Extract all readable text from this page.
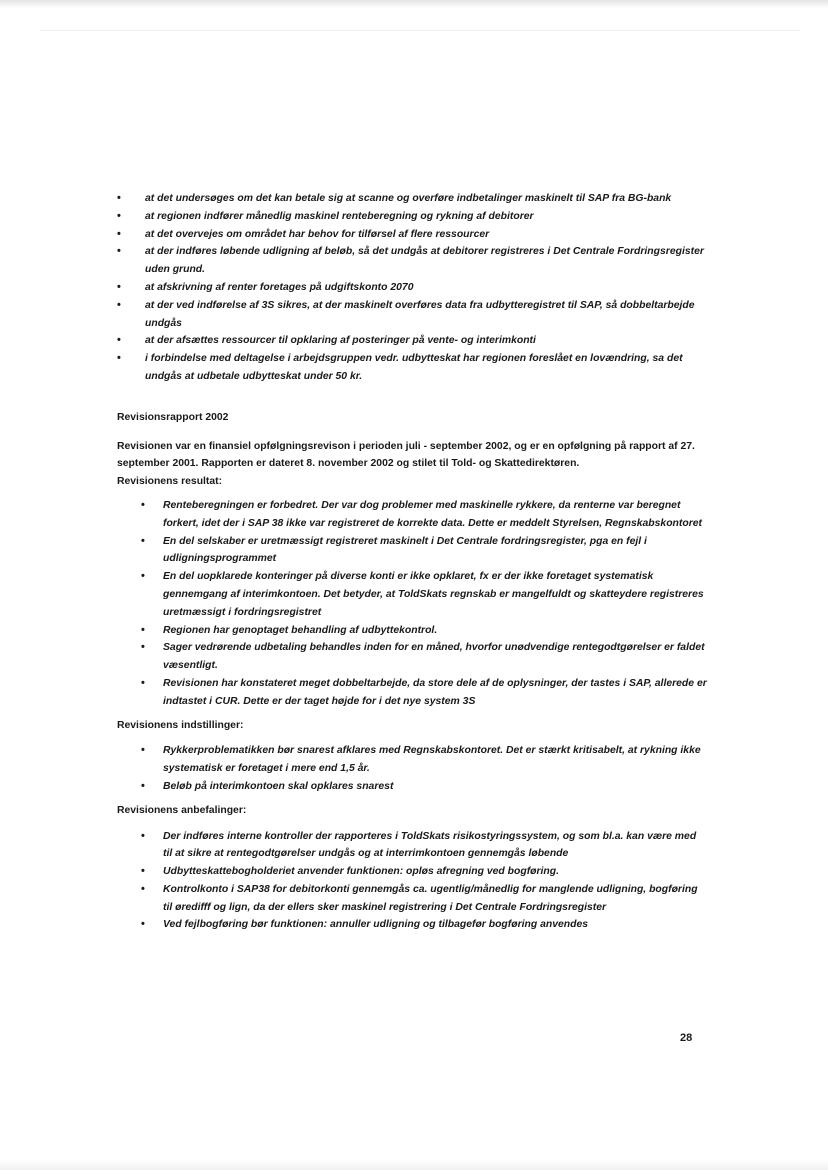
• at det undersøges om det kan betale sig at scanne og overføre indbetalinger maskinelt til SAP fra BG-bank
• at regionen indfører månedlig maskinel renteberegning og rykning af debitorer
• at det overvejes om området har behov for tilførsel af flere ressourcer
• at der indføres løbende udligning af beløb, så det undgås at debitorer registreres i Det Centrale Fordringsregister uden grund.
• at afskrivning af renter foretages på udgiftskonto 2070
• at der ved indførelse af 3S sikres, at der maskinelt overføres data fra udbytteregistret til SAP, så dobbeltarbejde undgås
• at der afsættes ressourcer til opklaring af posteringer på vente- og interimkonti
• i forbindelse med deltagelse i arbejdsgruppen vedr. udbytteskat har regionen foreslået en lovændring, sa det undgås at udbetale udbytteskat under 50 kr.

Revisionsrapport 2002

Revisionen var en finansiel opfølgningsrevison i perioden juli - september 2002, og er en opfølgning på rapport af 27. september 2001. Rapporten er dateret 8. november 2002 og stilet til Told- og Skattedirektøren.
Revisionens resultat:

• Renteberegningen er forbedret. Der var dog problemer med maskinelle rykkere, da renterne var beregnet forkert, idet der i SAP 38 ikke var registreret de korrekte data. Dette er meddelt Styrelsen, Regnskabskontoret
• En del selskaber er uretmæssigt registreret maskinelt i Det Centrale fordringsregister, pga en fejl i udligningsprogrammet
• En del uopklarede konteringer på diverse konti er ikke opklaret, fx er der ikke foretaget systematisk gennemgang af interimkontoen. Det betyder, at ToldSkats regnskab er mangelfuldt og skatteydere registreres uretmæssigt i fordringsregistret
• Regionen har genoptaget behandling af udbyttekontrol.
• Sager vedrørende udbetaling behandles inden for en måned, hvorfor unødvendige rentegodtgørelser er faldet væsentligt.
• Revisionen har konstateret meget dobbeltarbejde, da store dele af de oplysninger, der tastes i SAP, allerede er indtastet i CUR. Dette er der taget højde for i det nye system 3S

Revisionens indstillinger:

• Rykkerproblematikken bør snarest afklares med Regnskabskontoret. Det er stærkt kritisabelt, at rykning ikke systematisk er foretaget i mere end 1,5 år.
• Beløb på interimkontoen skal opklares snarest

Revisionens anbefalinger:

• Der indføres interne kontroller der rapporteres i ToldSkats risikostyringssystem, og som bl.a. kan være med til at sikre at rentegodtgørelser undgås og at interrimkontoen gennemgås løbende
• Udbytteskattebogholderiet anvender funktionen: opløs afregning ved bogføring.
• Kontrolkonto i SAP38 for debitorkonti gennemgås ca. ugentlig/månedlig for manglende udligning, bogføring til øredifff og lign, da der ellers sker maskinel registrering i Det Centrale Fordringsregister
• Ved fejlbogføring bør funktionen: annuller udligning og tilbagefør bogføring anvendes
28
